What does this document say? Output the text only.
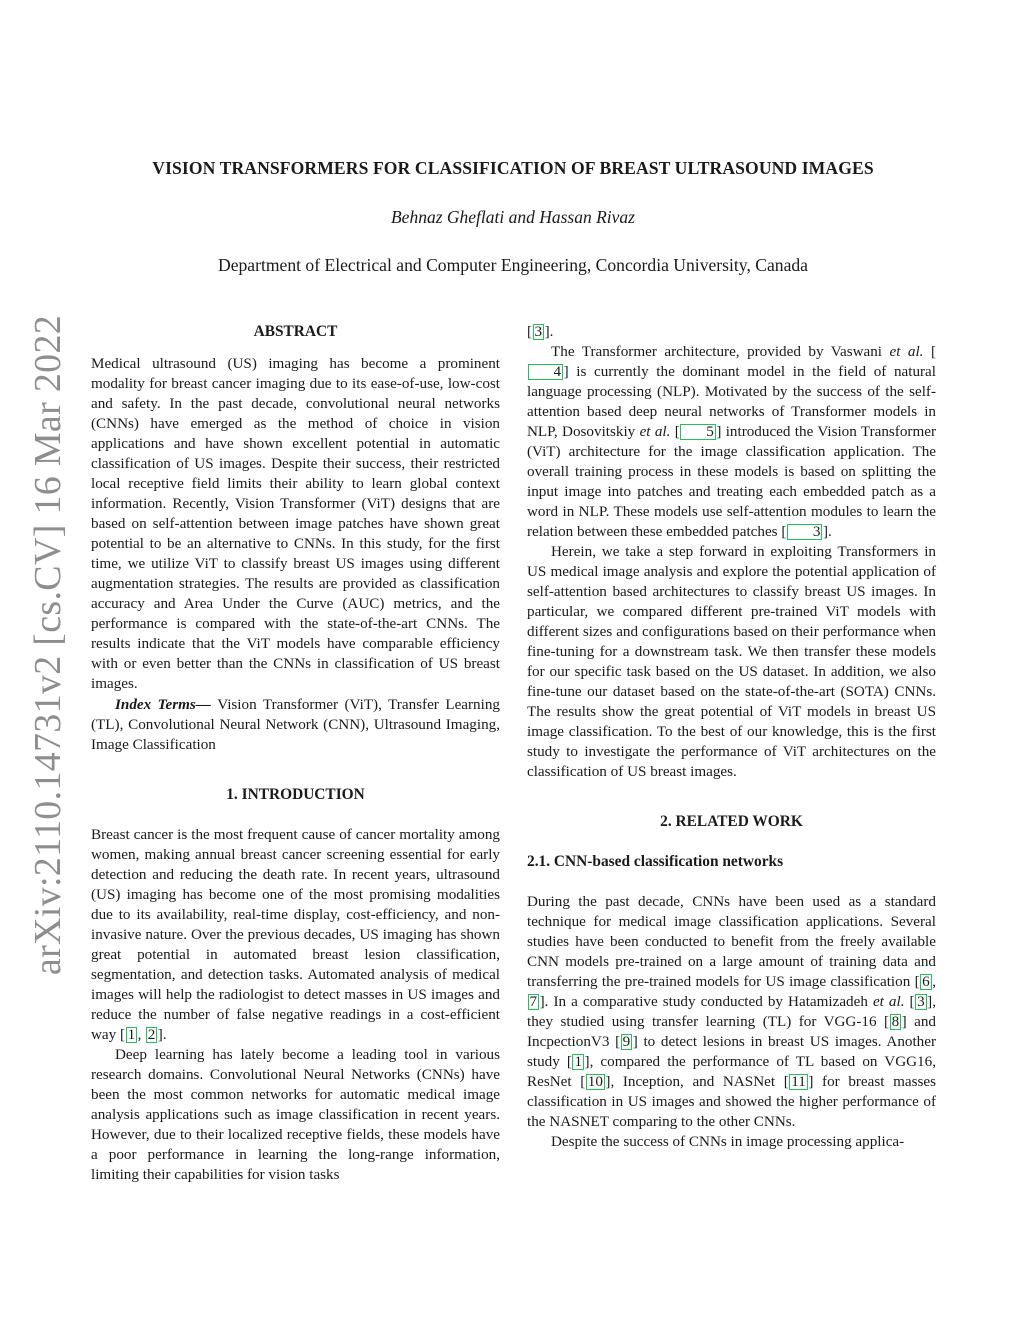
arXiv:2110.14731v2 [cs.CV] 16 Mar 2022
VISION TRANSFORMERS FOR CLASSIFICATION OF BREAST ULTRASOUND IMAGES
Behnaz Gheflati and Hassan Rivaz
Department of Electrical and Computer Engineering, Concordia University, Canada
ABSTRACT

Medical ultrasound (US) imaging has become a prominent modality for breast cancer imaging due to its ease-of-use, low-cost and safety. In the past decade, convolutional neural networks (CNNs) have emerged as the method of choice in vision applications and have shown excellent potential in automatic classification of US images. Despite their success, their restricted local receptive field limits their ability to learn global context information. Recently, Vision Transformer (ViT) designs that are based on self-attention between image patches have shown great potential to be an alternative to CNNs. In this study, for the first time, we utilize ViT to classify breast US images using different augmentation strategies. The results are provided as classification accuracy and Area Under the Curve (AUC) metrics, and the performance is compared with the state-of-the-art CNNs. The results indicate that the ViT models have comparable efficiency with or even better than the CNNs in classification of US breast images.

Index Terms— Vision Transformer (ViT), Transfer Learning (TL), Convolutional Neural Network (CNN), Ultrasound Imaging, Image Classification

1. INTRODUCTION

Breast cancer is the most frequent cause of cancer mortality among women, making annual breast cancer screening essential for early detection and reducing the death rate. In recent years, ultrasound (US) imaging has become one of the most promising modalities due to its availability, real-time display, cost-efficiency, and non-invasive nature. Over the previous decades, US imaging has shown great potential in automated breast lesion classification, segmentation, and detection tasks. Automated analysis of medical images will help the radiologist to detect masses in US images and reduce the number of false negative readings in a cost-efficient way [ 1 , 2 ].

Deep learning has lately become a leading tool in various research domains. Convolutional Neural Networks (CNNs) have been the most common networks for automatic medical image analysis applications such as image classification in recent years. However, due to their localized receptive fields, these models have a poor performance in learning the long-range information, limiting their capabilities for vision tasks

[ 3 ].

The Transformer architecture, provided by Vaswani et al. [4 ] is currently the dominant model in the field of natural language processing (NLP). Motivated by the success of the self-attention based deep neural networks of Transformer models in NLP, Dosovitskiy et al. [ 5 ] introduced the Vision Transformer (ViT) architecture for the image classification application. The overall training process in these models is based on splitting the input image into patches and treating each embedded patch as a word in NLP. These models use self-attention modules to learn the relation between these embedded patches [ 3 ].

Herein, we take a step forward in exploiting Transformers in US medical image analysis and explore the potential application of self-attention based architectures to classify breast US images. In particular, we compared different pre-trained ViT models with different sizes and configurations based on their performance when fine-tuning for a downstream task. We then transfer these models for our specific task based on the US dataset. In addition, we also fine-tune our dataset based on the state-of-the-art (SOTA) CNNs. The results show the great potential of ViT models in breast US image classification. To the best of our knowledge, this is the first study to investigate the performance of ViT architectures on the classification of US breast images.

2. RELATED WORK
2.1. CNN-based classification networks

During the past decade, CNNs have been used as a standard technique for medical image classification applications. Several studies have been conducted to benefit from the freely available CNN models pre-trained on a large amount of training data and transferring the pre-trained models for US image classification [ 6 , 7 ]. In a comparative study conducted by Hatamizadeh et al. [ 3 ], they studied using transfer learning (TL) for VGG-16 [ 8 ] and IncpectionV3 [ 9 ] to detect lesions in breast US images. Another study [ 1 ], compared the performance of TL based on VGG16, ResNet [ 10 ], Inception, and NASNet [ 11 ] for breast masses classification in US images and showed the higher performance of the NASNET comparing to the other CNNs.

Despite the success of CNNs in image processing applica-
